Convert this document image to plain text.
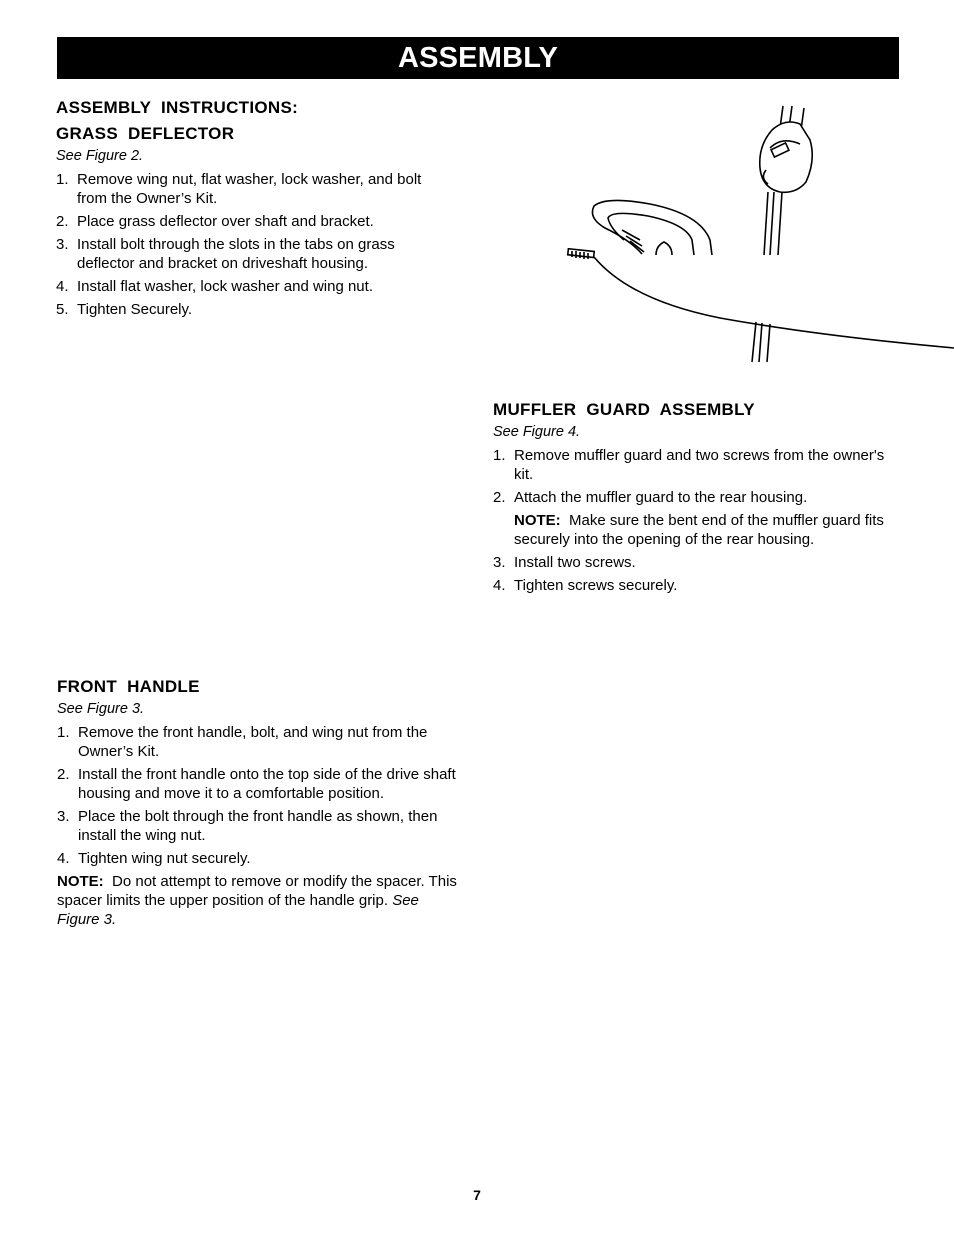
ASSEMBLY

ASSEMBLY  INSTRUCTIONS:

GRASS  DEFLECTOR

See Figure 2.

1. Remove wing nut, flat washer, lock washer, and bolt from the Owner’s Kit.
2. Place grass deflector over shaft and bracket.
3. Install bolt through the slots in the tabs on grass deflector and bracket on driveshaft housing.
4. Install flat washer, lock washer and wing nut.
5. Tighten Securely.

MUFFLER  GUARD  ASSEMBLY

See Figure 4.

1. Remove muffler guard and two screws from the owner's kit.
2. Attach the muffler guard to the rear housing.

NOTE: Make sure the bent end of the muffler guard fits securely into the opening of the rear housing.

3. Install two screws.
4. Tighten screws securely.

FRONT  HANDLE

See Figure 3.

1. Remove the front handle, bolt, and wing nut from the Owner’s Kit.
2. Install the front handle onto the top side of the drive shaft housing and move it to a comfortable position.
3. Place the bolt through the front handle as shown, then install the wing nut.
4. Tighten wing nut securely.

NOTE: Do not attempt to remove or modify the spacer. This spacer limits the upper position of the handle grip. See Figure 3.

7
